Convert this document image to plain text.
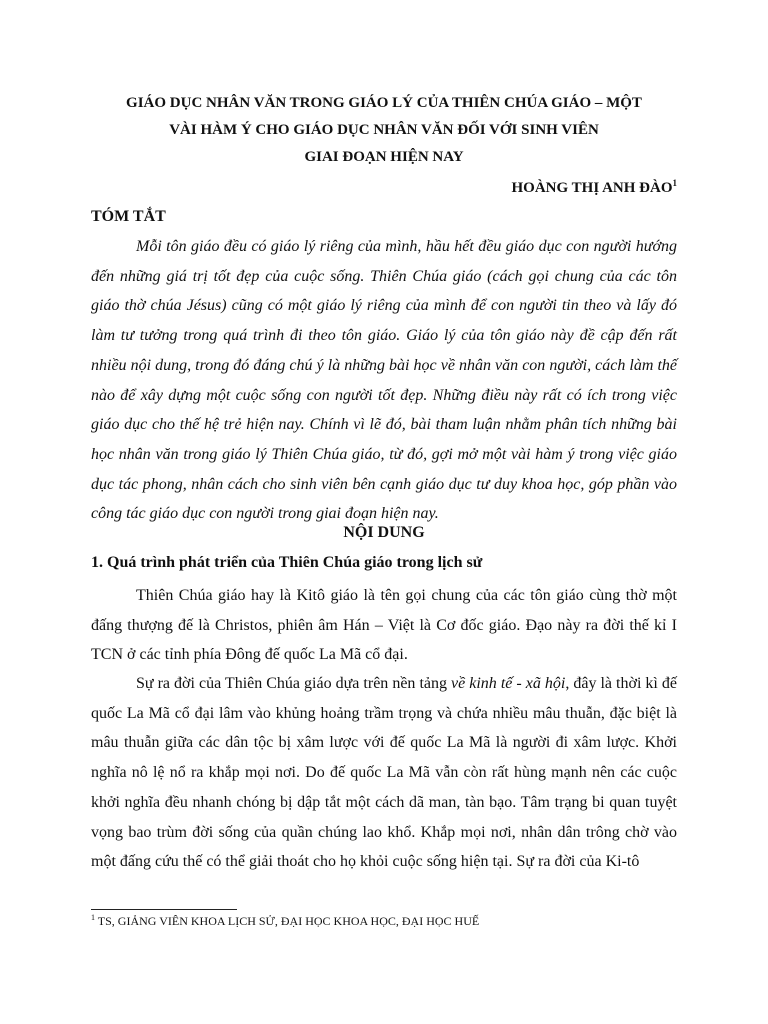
GIÁO DỤC NHÂN VĂN TRONG GIÁO LÝ CỦA THIÊN CHÚA GIÁO – MỘT
VÀI HÀM Ý CHO GIÁO DỤC NHÂN VĂN ĐỐI VỚI SINH VIÊN
GIAI ĐOẠN HIỆN NAY
HOÀNG THỊ ANH ĐÀO$^1$
TÓM TẮT

Mỗi tôn giáo đều có giáo lý riêng của mình, hầu hết đều giáo dục con người hướng đến những giá trị tốt đẹp của cuộc sống. Thiên Chúa giáo (cách gọi chung của các tôn giáo thờ chúa Jésus) cũng có một giáo lý riêng của mình để con người tin theo và lấy đó làm tư tưởng trong quá trình đi theo tôn giáo. Giáo lý của tôn giáo này đề cập đến rất nhiều nội dung, trong đó đáng chú ý là những bài học về nhân văn con người, cách làm thế nào để xây dựng một cuộc sống con người tốt đẹp. Những điều này rất có ích trong việc giáo dục cho thế hệ trẻ hiện nay. Chính vì lẽ đó, bài tham luận nhằm phân tích những bài học nhân văn trong giáo lý Thiên Chúa giáo, từ đó, gợi mở một vài hàm ý trong việc giáo dục tác phong, nhân cách cho sinh viên bên cạnh giáo dục tư duy khoa học, góp phần vào công tác giáo dục con người trong giai đoạn hiện nay.

NỘI DUNG
1. Quá trình phát triển của Thiên Chúa giáo trong lịch sử

Thiên Chúa giáo hay là Kitô giáo là tên gọi chung của các tôn giáo cùng thờ một đấng thượng đế là Christos, phiên âm Hán – Việt là Cơ đốc giáo. Đạo này ra đời thế kỉ I TCN ở các tỉnh phía Đông đế quốc La Mã cổ đại.

Sự ra đời của Thiên Chúa giáo dựa trên nền tảng về kinh tế - xã hội, đây là thời kì đế quốc La Mã cổ đại lâm vào khủng hoảng trầm trọng và chứa nhiều mâu thuẫn, đặc biệt là mâu thuẫn giữa các dân tộc bị xâm lược với đế quốc La Mã là người đi xâm lược. Khởi nghĩa nô lệ nổ ra khắp mọi nơi. Do đế quốc La Mã vẫn còn rất hùng mạnh nên các cuộc khởi nghĩa đều nhanh chóng bị dập tắt một cách dã man, tàn bạo. Tâm trạng bi quan tuyệt vọng bao trùm đời sống của quần chúng lao khổ. Khắp mọi nơi, nhân dân trông chờ vào một đấng cứu thế có thể giải thoát cho họ khỏi cuộc sống hiện tại. Sự ra đời của Ki-tô

$^1$ TS, GIẢNG VIÊN KHOA LỊCH SỬ, ĐẠI HỌC KHOA HỌC, ĐẠI HỌC HUẾ
